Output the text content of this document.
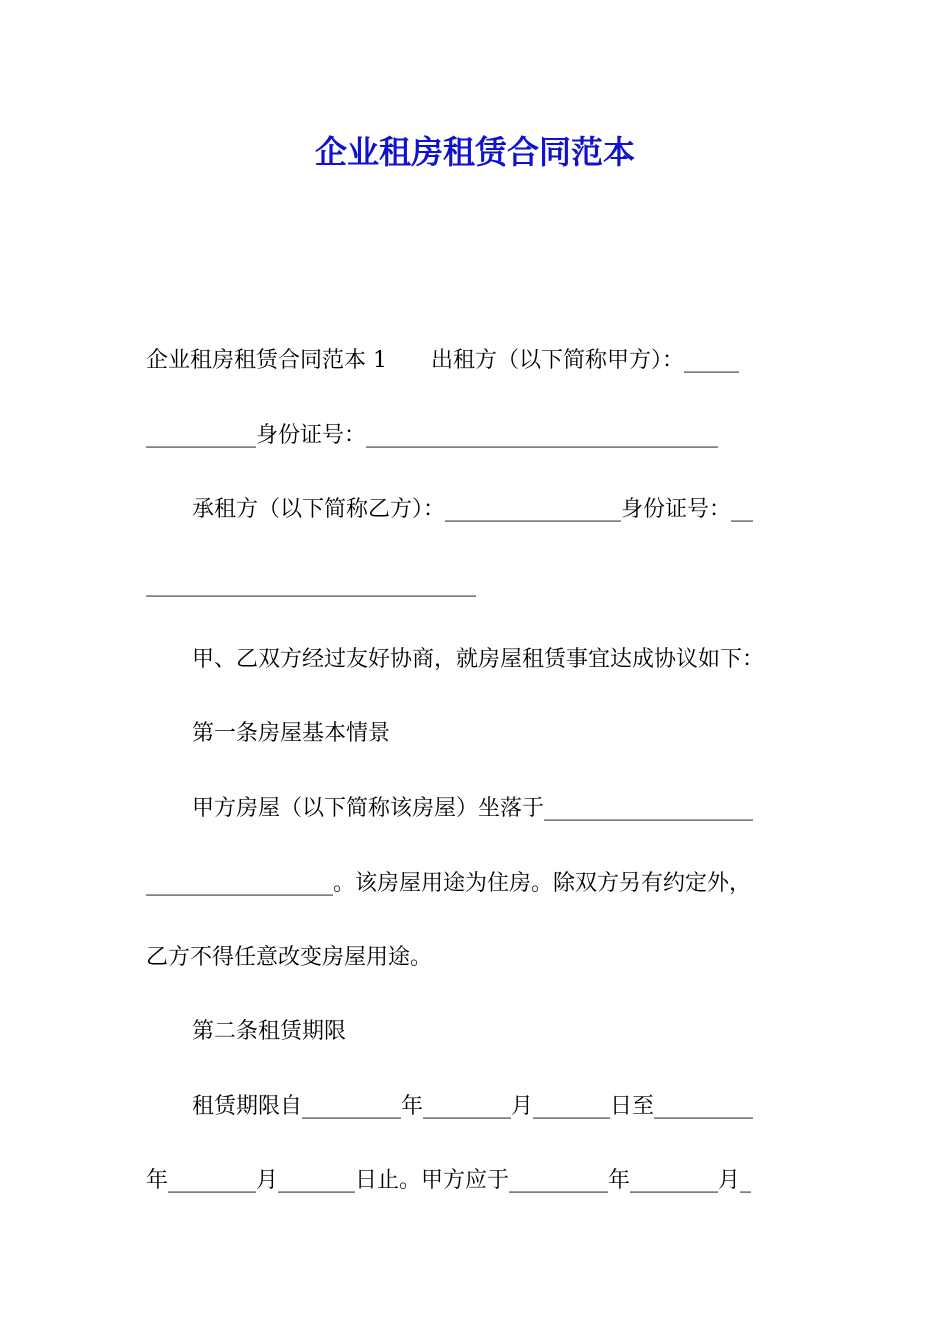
企业租房租赁合同范本
企业租房租赁合同范本 1　　出租方（以下简称甲方）：_____
__________身份证号：________________________________
承租方（以下简称乙方）：________________身份证号：__
______________________________
甲、乙双方经过友好协商，就房屋租赁事宜达成协议如下：
第一条房屋基本情景
甲方房屋（以下简称该房屋）坐落于___________________
_________________。该房屋用途为住房。除双方另有约定外，
乙方不得任意改变房屋用途。
第二条租赁期限
租赁期限自_________年________月_______日至_________
年________月_______日止。甲方应于_________年________月_
